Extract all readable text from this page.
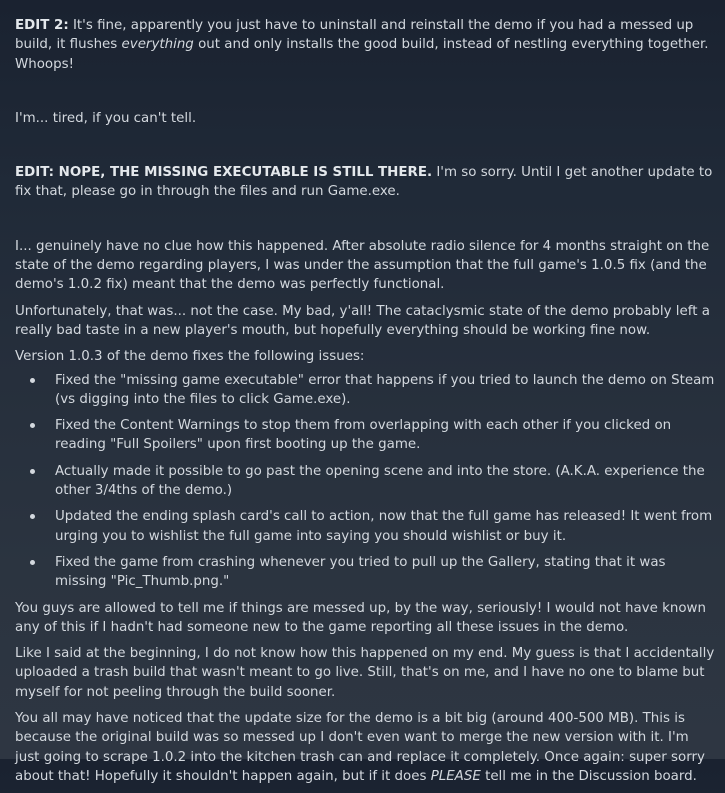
EDIT 2: It's fine, apparently you just have to uninstall and reinstall the demo if you had a messed up build, it flushes everything out and only installs the good build, instead of nestling everything together. Whoops!

I'm... tired, if you can't tell.

EDIT: NOPE, THE MISSING EXECUTABLE IS STILL THERE. I'm so sorry. Until I get another update to fix that, please go in through the files and run Game.exe.

I... genuinely have no clue how this happened. After absolute radio silence for 4 months straight on the state of the demo regarding players, I was under the assumption that the full game's 1.0.5 fix (and the demo's 1.0.2 fix) meant that the demo was perfectly functional.

Unfortunately, that was... not the case. My bad, y'all! The cataclysmic state of the demo probably left a really bad taste in a new player's mouth, but hopefully everything should be working fine now.

Version 1.0.3 of the demo fixes the following issues:

Fixed the "missing game executable" error that happens if you tried to launch the demo on Steam (vs digging into the files to click Game.exe).
Fixed the Content Warnings to stop them from overlapping with each other if you clicked on reading "Full Spoilers" upon first booting up the game.
Actually made it possible to go past the opening scene and into the store. (A.K.A. experience the other 3/4ths of the demo.)
Updated the ending splash card's call to action, now that the full game has released! It went from urging you to wishlist the full game into saying you should wishlist or buy it.
Fixed the game from crashing whenever you tried to pull up the Gallery, stating that it was missing "Pic_Thumb.png."

You guys are allowed to tell me if things are messed up, by the way, seriously! I would not have known any of this if I hadn't had someone new to the game reporting all these issues in the demo.

Like I said at the beginning, I do not know how this happened on my end. My guess is that I accidentally uploaded a trash build that wasn't meant to go live. Still, that's on me, and I have no one to blame but myself for not peeling through the build sooner.

You all may have noticed that the update size for the demo is a bit big (around 400-500 MB). This is because the original build was so messed up I don't even want to merge the new version with it. I'm just going to scrape 1.0.2 into the kitchen trash can and replace it completely. Once again: super sorry about that! Hopefully it shouldn't happen again, but if it does PLEASE tell me in the Discussion board.
